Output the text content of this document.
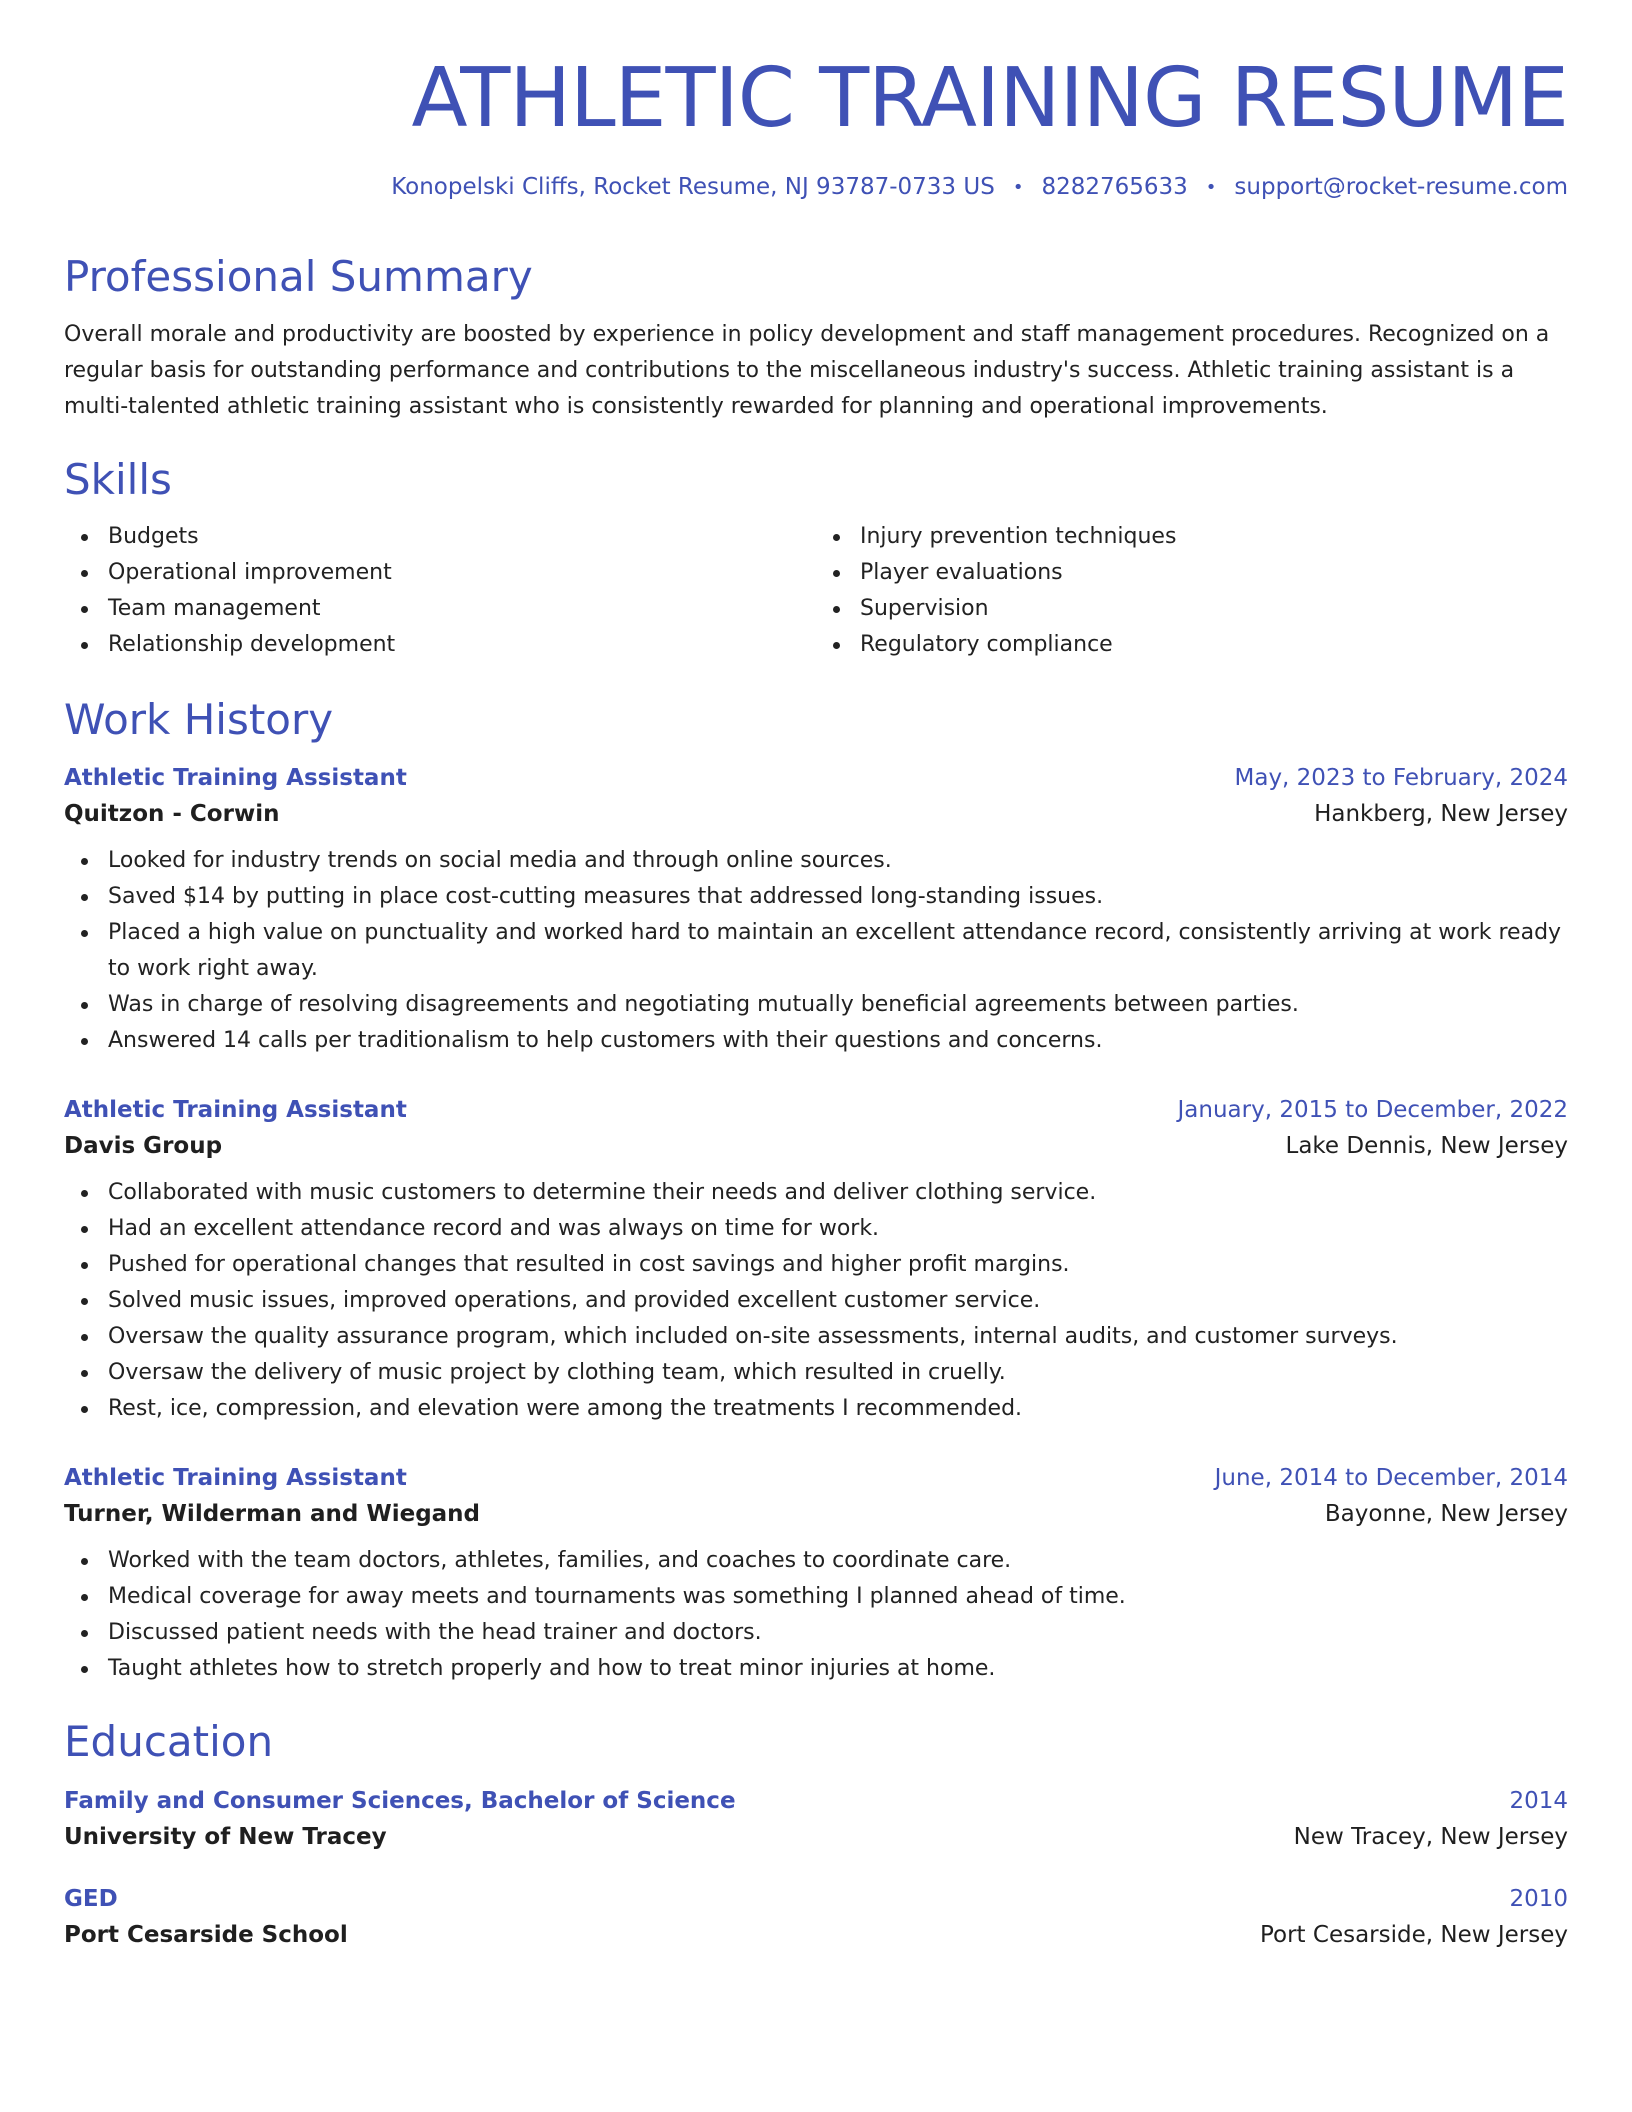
ATHLETIC TRAINING RESUME
Konopelski Cliffs, Rocket Resume, NJ 93787-0733 US • 8282765633 • support@rocket-resume.com
Professional Summary

Overall morale and productivity are boosted by experience in policy development and staff management procedures. Recognized on a regular basis for outstanding performance and contributions to the miscellaneous industry's success. Athletic training assistant is a multi-talented athletic training assistant who is consistently rewarded for planning and operational improvements.

Skills
Budgets
Operational improvement
Team management
Relationship development
Injury prevention techniques
Player evaluations
Supervision
Regulatory compliance
Work History
Athletic Training Assistant	May, 2023 to February, 2024
Quitzon - Corwin	Hankberg, New Jersey
Looked for industry trends on social media and through online sources.
Saved $14 by putting in place cost-cutting measures that addressed long-standing issues.
Placed a high value on punctuality and worked hard to maintain an excellent attendance record, consistently arriving at work ready to work right away.
Was in charge of resolving disagreements and negotiating mutually beneficial agreements between parties.
Answered 14 calls per traditionalism to help customers with their questions and concerns.
Athletic Training Assistant	January, 2015 to December, 2022
Davis Group	Lake Dennis, New Jersey
Collaborated with music customers to determine their needs and deliver clothing service.
Had an excellent attendance record and was always on time for work.
Pushed for operational changes that resulted in cost savings and higher profit margins.
Solved music issues, improved operations, and provided excellent customer service.
Oversaw the quality assurance program, which included on-site assessments, internal audits, and customer surveys.
Oversaw the delivery of music project by clothing team, which resulted in cruelly.
Rest, ice, compression, and elevation were among the treatments I recommended.
Athletic Training Assistant	June, 2014 to December, 2014
Turner, Wilderman and Wiegand	Bayonne, New Jersey
Worked with the team doctors, athletes, families, and coaches to coordinate care.
Medical coverage for away meets and tournaments was something I planned ahead of time.
Discussed patient needs with the head trainer and doctors.
Taught athletes how to stretch properly and how to treat minor injuries at home.
Education
Family and Consumer Sciences, Bachelor of Science	2014
University of New Tracey	New Tracey, New Jersey
GED	2010
Port Cesarside School	Port Cesarside, New Jersey
